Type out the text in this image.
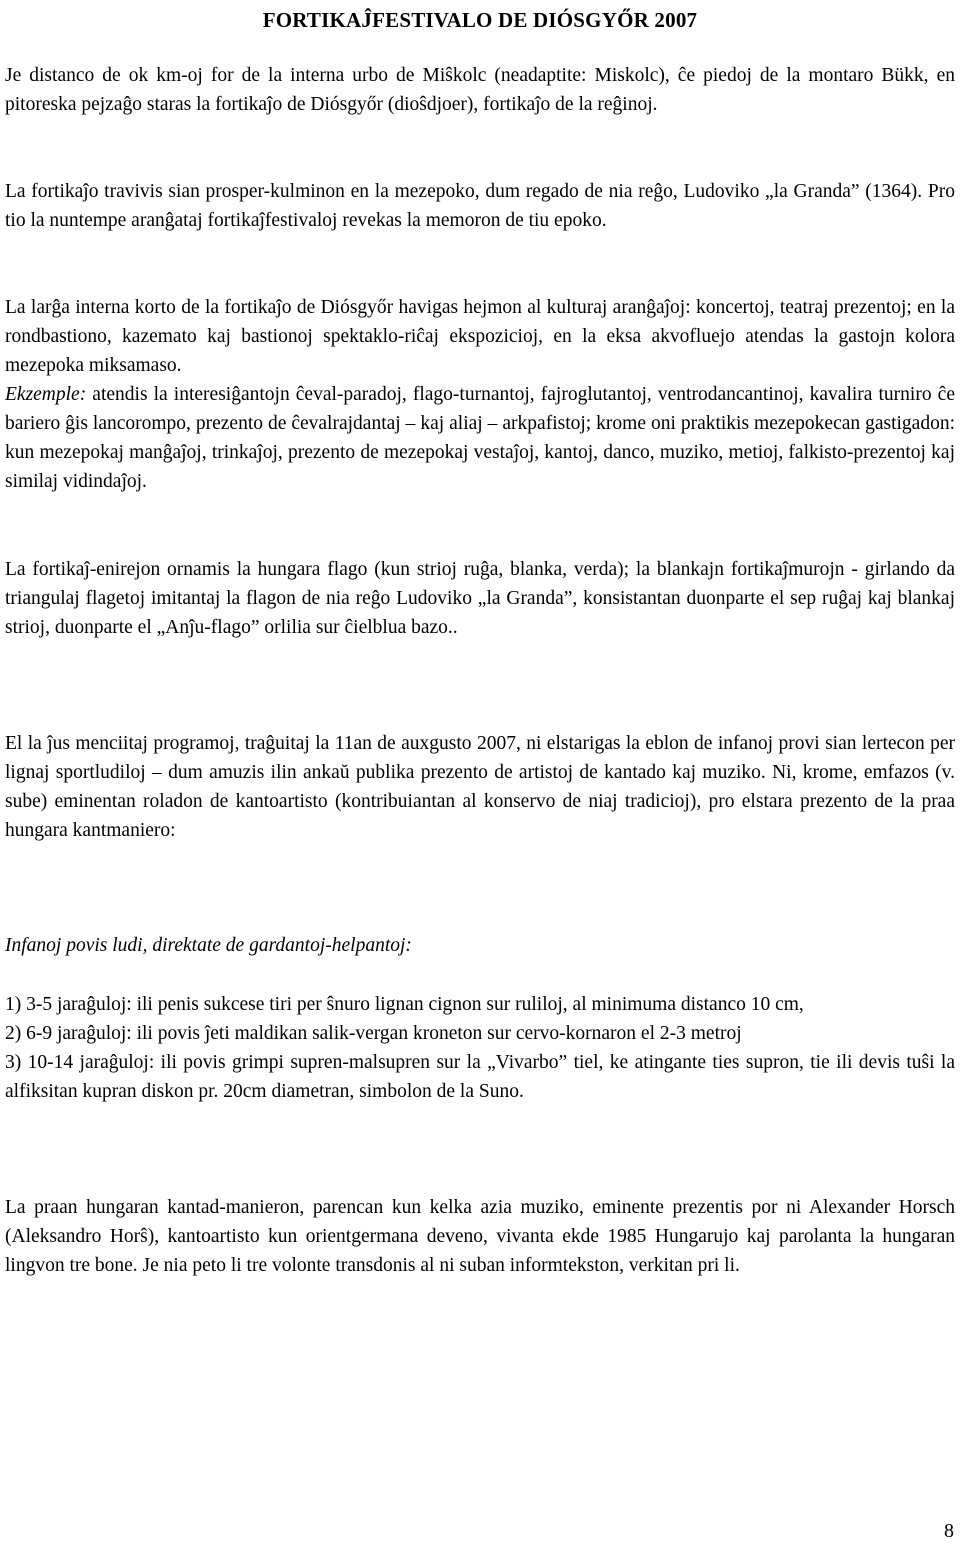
FORTIKAĴFESTIVALO DE DIÓSGYŐR 2007
Je distanco de ok km-oj for de la interna urbo de Miŝkolc (neadaptite: Miskolc), ĉe piedoj de la montaro Bükk, en pitoreska pejzaĝo staras la fortikaĵo de Diósgyőr (dioŝdjoer), fortikaĵo de la reĝinoj.
La fortikaĵo travivis sian prosper-kulminon en la mezepoko, dum regado de nia reĝo, Ludoviko „la Granda” (1364). Pro tio la nuntempe aranĝataj fortikaĵfestivaloj revekas la memoron de tiu epoko.
La larĝa interna korto de la fortikaĵo de Diósgyőr havigas hejmon al kulturaj aranĝaĵoj: koncertoj, teatraj prezentoj; en la rondbastiono, kazemato kaj bastionoj spektaklo-riĉaj ekspozicioj, en la eksa akvofluejo atendas la gastojn kolora mezepoka miksamaso.
Ekzemple: atendis la interesiĝantojn ĉeval-paradoj, flago-turnantoj, fajroglutantoj, ventrodancantinoj, kavalira turniro ĉe bariero ĝis lancorompo, prezento de ĉevalrajdantaj – kaj aliaj – arkpafistoj; krome oni praktikis mezepokecan gastigadon: kun mezepokaj manĝaĵoj, trinkaĵoj, prezento de mezepokaj vestaĵoj, kantoj, danco, muziko, metioj, falkisto-prezentoj kaj similaj vidindaĵoj.
La fortikaĵ-enirejon ornamis la hungara flago (kun strioj ruĝa, blanka, verda); la blankajn fortikaĵmurojn - girlando da triangulaj flagetoj imitantaj la flagon de nia reĝo Ludoviko „la Granda”, konsistantan duonparte el sep ruĝaj kaj blankaj strioj, duonparte el „Anĵu-flago” orlilia sur ĉielblua bazo..
El la ĵus menciitaj programoj, traĝuitaj la 11an de auxgusto 2007, ni elstarigas la eblon de infanoj provi sian lertecon per lignaj sportludiloj – dum amuzis ilin ankaŭ publika prezento de artistoj de kantado kaj muziko. Ni, krome, emfazos (v. sube) eminentan roladon de kantoartisto (kontribuiantan al konservo de niaj tradicioj), pro elstara prezento de la praa hungara kantmaniero:
Infanoj povis ludi, direktate de gardantoj-helpantoj:
1) 3-5 jaraĝuloj: ili penis sukcese tiri per ŝnuro lignan cignon sur ruliloj, al minimuma distanco 10 cm,
2) 6-9 jaraĝuloj: ili povis ĵeti maldikan salik-vergan kroneton sur cervo-kornaron el 2-3 metroj
3) 10-14 jaraĝuloj: ili povis grimpi supren-malsupren sur la „Vivarbo” tiel, ke atingante ties supron, tie ili devis tuŝi la alfiksitan kupran diskon pr. 20cm diametran, simbolon de la Suno.
La praan hungaran kantad-manieron, parencan kun kelka azia muziko, eminente prezentis por ni Alexander Horsch (Aleksandro Horŝ), kantoartisto kun orientgermana deveno, vivanta ekde 1985 Hungarujo kaj parolanta la hungaran lingvon tre bone. Je nia peto li tre volonte transdonis al ni suban informtekston, verkitan pri li.
8
